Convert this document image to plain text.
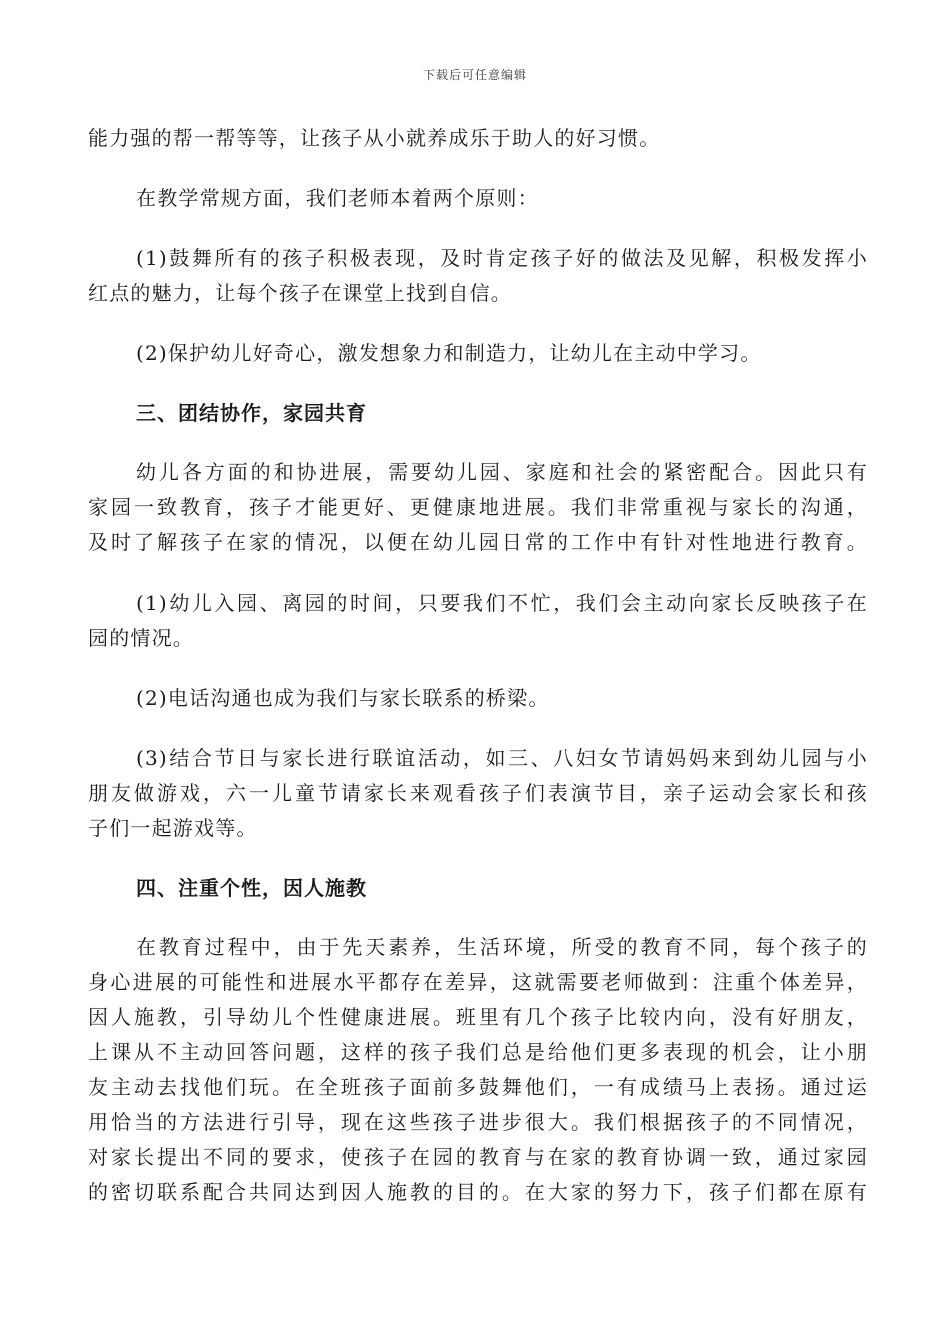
下载后可任意编辑
能力强的帮一帮等等，让孩子从小就养成乐于助人的好习惯。
在教学常规方面，我们老师本着两个原则：
(1)鼓舞所有的孩子积极表现，及时肯定孩子好的做法及见解，积极发挥小
红点的魅力，让每个孩子在课堂上找到自信。
(2)保护幼儿好奇心，激发想象力和制造力，让幼儿在主动中学习。
三、团结协作，家园共育
幼儿各方面的和协进展，需要幼儿园、家庭和社会的紧密配合。因此只有
家园一致教育，孩子才能更好、更健康地进展。我们非常重视与家长的沟通，
及时了解孩子在家的情况，以便在幼儿园日常的工作中有针对性地进行教育。
(1)幼儿入园、离园的时间，只要我们不忙，我们会主动向家长反映孩子在
园的情况。
(2)电话沟通也成为我们与家长联系的桥梁。
(3)结合节日与家长进行联谊活动，如三、八妇女节请妈妈来到幼儿园与小
朋友做游戏，六一儿童节请家长来观看孩子们表演节目，亲子运动会家长和孩
子们一起游戏等。
四、注重个性，因人施教
在教育过程中，由于先天素养，生活环境，所受的教育不同，每个孩子的
身心进展的可能性和进展水平都存在差异，这就需要老师做到：注重个体差异，
因人施教，引导幼儿个性健康进展。班里有几个孩子比较内向，没有好朋友，
上课从不主动回答问题，这样的孩子我们总是给他们更多表现的机会，让小朋
友主动去找他们玩。在全班孩子面前多鼓舞他们，一有成绩马上表扬。通过运
用恰当的方法进行引导，现在这些孩子进步很大。我们根据孩子的不同情况，
对家长提出不同的要求，使孩子在园的教育与在家的教育协调一致，通过家园
的密切联系配合共同达到因人施教的目的。在大家的努力下，孩子们都在原有
